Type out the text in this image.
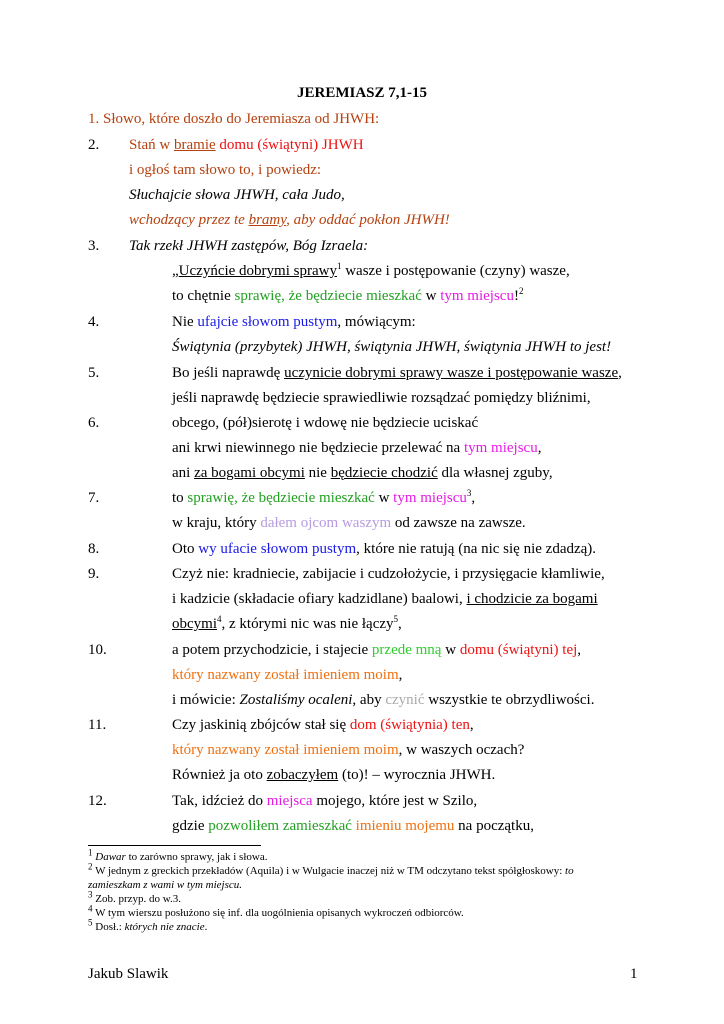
JEREMIASZ 7,1-15
1. Słowo, które doszło do Jeremiasza od JHWH:
2. Stań w bramie domu (świątyni) JHWH
i ogłoś tam słowo to, i powiedz:
Słuchajcie słowa JHWH, cała Judo,
wchodzący przez te bramy, aby oddać pokłon JHWH!
3. Tak rzekł JHWH zastępów, Bóg Izraela:
„Uczyńcie dobrymi sprawy$^1$ wasze i postępowanie (czyny) wasze,
to chętnie sprawię, że będziecie mieszkać w tym miejscu!$^2$
4.	Nie ufajcie słowom pustym, mówiącym:
Świątynia (przybytek) JHWH, świątynia JHWH, świątynia JHWH to jest!
5.	Bo jeśli naprawdę uczynicie dobrymi sprawy wasze i postępowanie wasze,
jeśli naprawdę będziecie sprawiedliwie rozsądzać pomiędzy bliźnimi,
6.	obcego, (pół)sierotę i wdowę nie będziecie uciskać
ani krwi niewinnego nie będziecie przelewać na tym miejscu,
ani za bogami obcymi nie będziecie chodzić dla własnej zguby,
7.	to sprawię, że będziecie mieszkać w tym miejscu$^3$,
w kraju, który dałem ojcom waszym od zawsze na zawsze.
8.	Oto wy ufacie słowom pustym, które nie ratują (na nic się nie zdadzą).
9.	Czyż nie: kradniecie, zabijacie i cudzołożycie, i przysięgacie kłamliwie,
i kadzicie (składacie ofiary kadzidlane) baalowi, i chodzicie za bogami
obcymi$^4$, z którymi nic was nie łączy$^5$,
10.	a potem przychodzicie, i stajecie przede mną w domu (świątyni) tej,
który nazwany został imieniem moim,
i mówicie: Zostaliśmy ocaleni, aby czynić wszystkie te obrzydliwości.
11.	Czy jaskinią zbójców stał się dom (świątynia) ten,
który nazwany został imieniem moim, w waszych oczach?
Również ja oto zobaczyłem (to)! – wyrocznia JHWH.
12.	Tak, idźcież do miejsca mojego, które jest w Szilo,
gdzie pozwoliłem zamieszkać imieniu mojemu na początku,
$^1$ Dawar to zarówno sprawy, jak i słowa.
$^2$ W jednym z greckich przekładów (Aquila) i w Wulgacie inaczej niż w TM odczytano tekst spółgłoskowy: to
zamieszkam z wami w tym miejscu.
$^3$ Zob. przyp. do w.3.
$^4$ W tym wierszu posłużono się inf. dla uogólnienia opisanych wykroczeń odbiorców.
$^5$ Dosł.: których nie znacie.
Jakub Slawik	1
